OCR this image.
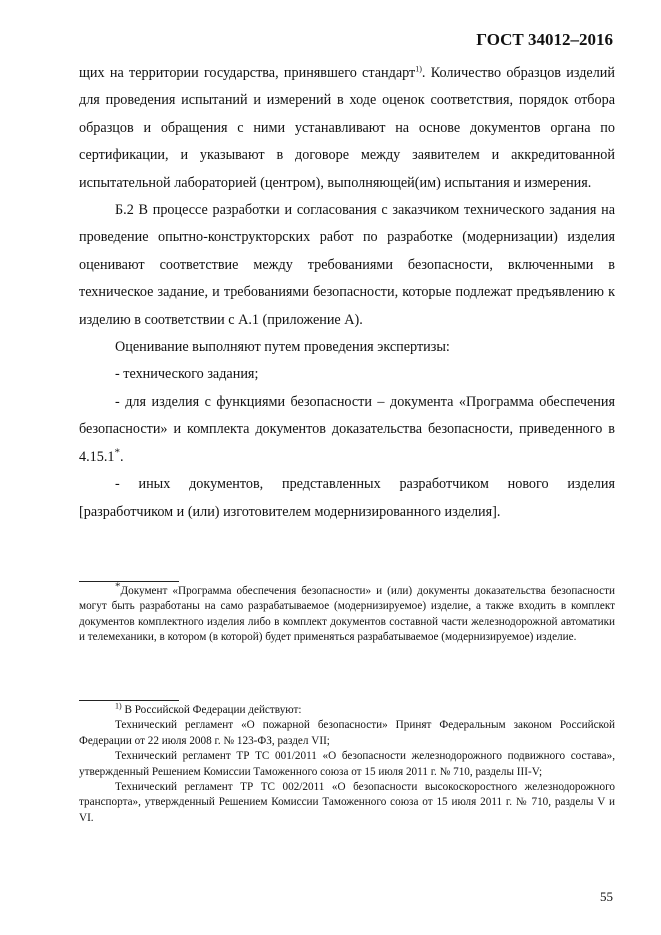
ГОСТ 34012–2016

щих на территории государства, принявшего стандарт$^{1)}$. Количество образцов изделий для проведения испытаний и измерений в ходе оценок соответствия, порядок отбора образцов и обращения с ними устанавливают на основе документов органа по сертификации, и указывают в договоре между заявителем и аккредитованной испытательной лабораторией (центром), выполняющей(им) испытания и измерения.

Б.2 В процессе разработки и согласования с заказчиком технического задания на проведение опытно-конструкторских работ по разработке (модернизации) изделия оценивают соответствие между требованиями безопасности, включенными в техническое задание, и требованиями безопасности, которые подлежат предъявлению к изделию в соответствии с А.1 (приложение А).

Оценивание выполняют путем проведения экспертизы:

- технического задания;

- для изделия с функциями безопасности – документа «Программа обеспечения безопасности» и комплекта документов доказательства безопасности, приведенного в 4.15.1*.

- иных документов, представленных разработчиком нового изделия [разработчиком и (или) изготовителем модернизированного изделия].

*Документ «Программа обеспечения безопасности» и (или) документы доказательства безопасности могут быть разработаны на само разрабатываемое (модернизируемое) изделие, а также входить в комплект документов комплектного изделия либо в комплект документов составной части железнодорожной автоматики и телемеханики, в котором (в которой) будет применяться разрабатываемое (модернизируемое) изделие.

$^{1)}$ В Российской Федерации действуют:

Технический регламент «О пожарной безопасности» Принят Федеральным законом Российской Федерации от 22 июля 2008 г. № 123-ФЗ, раздел VII;

Технический регламент ТР ТС 001/2011 «О безопасности железнодорожного подвижного состава», утвержденный Решением Комиссии Таможенного союза от 15 июля 2011 г. № 710, разделы III-V;

Технический регламент ТР ТС 002/2011 «О безопасности высокоскоростного железнодорожного транспорта», утвержденный Решением Комиссии Таможенного союза от 15 июля 2011 г. № 710, разделы V и VI.

55
